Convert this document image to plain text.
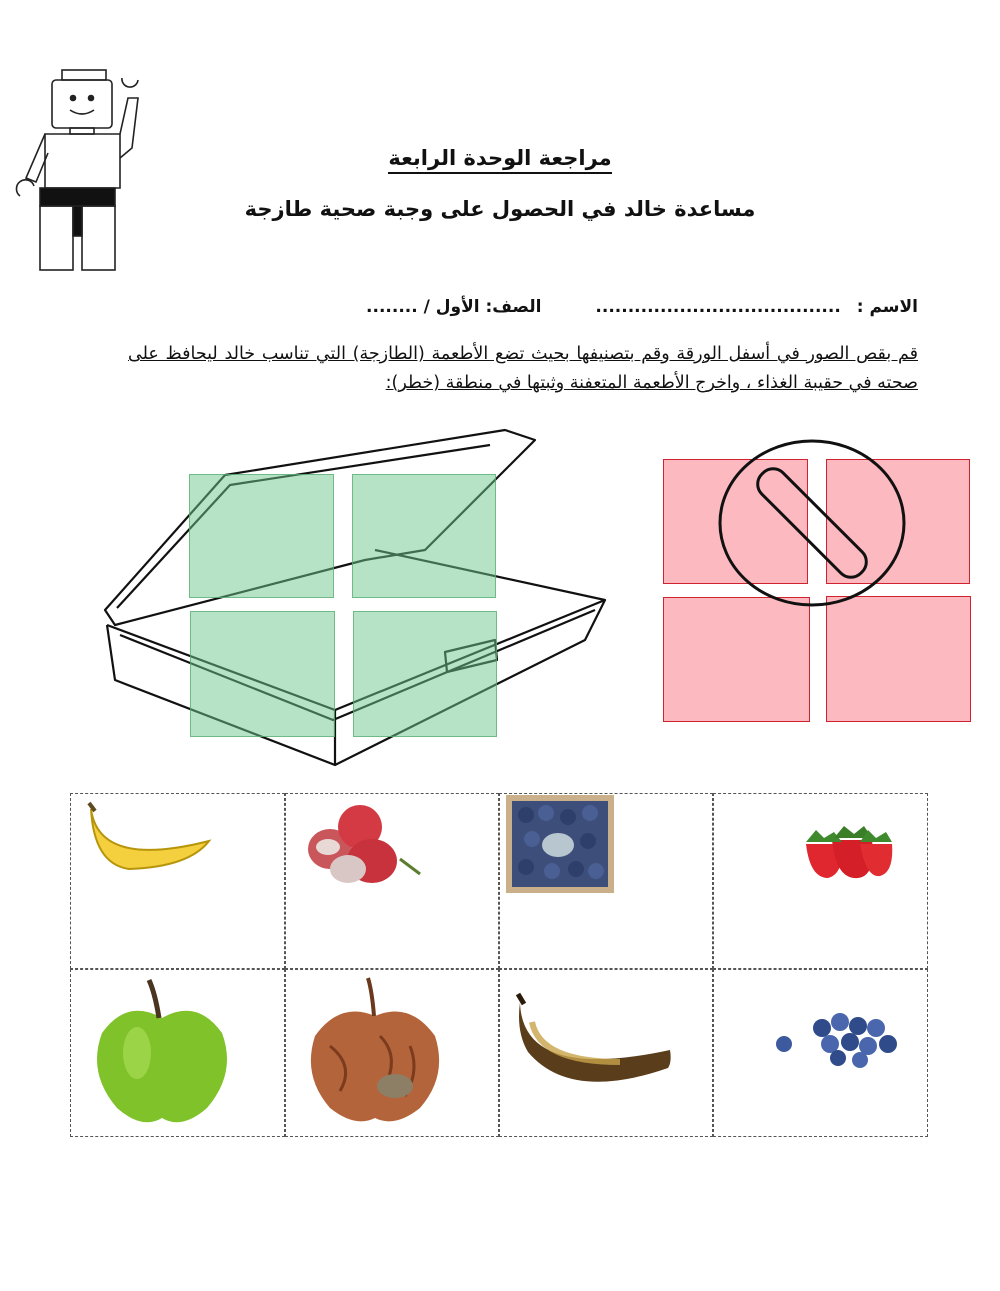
مراجعة الوحدة الرابعة
مساعدة خالد في الحصول على وجبة صحية طازجة
الاسم : ...................................... الصف: الأول / ........
قم بقص الصور في أسفل الورقة وقم بتصنيفها بحيث تضع الأطعمة (الطازجة) التي تناسب خالد ليحافظ على صحته في حقيبة الغذاء ، واخرج الأطعمة المتعفنة وثبتها في منطقة (خطر):
